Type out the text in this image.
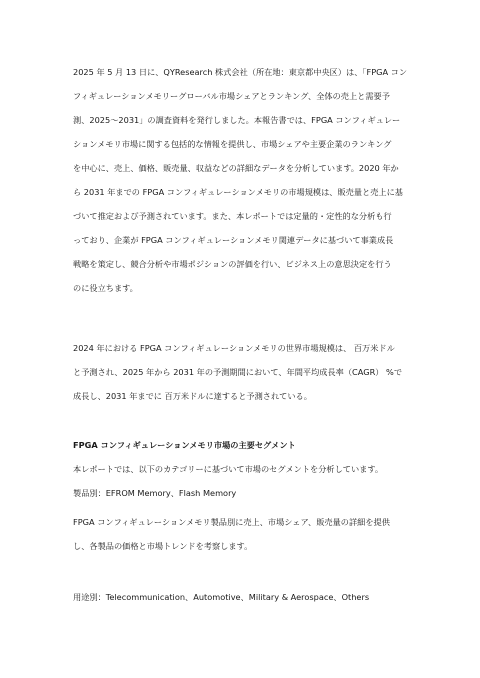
2025 年 5 月 13 日に、QYResearch 株式会社（所在地：東京都中央区）は、「FPGA コン
フィギュレーションメモリーグローバル市場シェアとランキング、全体の売上と需要予
測、2025～2031」の調査資料を発行しました。本報告書では、FPGA コンフィギュレー
ションメモリ市場に関する包括的な情報を提供し、市場シェアや主要企業のランキング
を中心に、売上、価格、販売量、収益などの詳細なデータを分析しています。2020 年か
ら 2031 年までの FPGA コンフィギュレーションメモリの市場規模は、販売量と売上に基
づいて推定および予測されています。また、本レポートでは定量的・定性的な分析も行
っており、企業が FPGA コンフィギュレーションメモリ関連データに基づいて事業成長
戦略を策定し、競合分析や市場ポジションの評価を行い、ビジネス上の意思決定を行う
のに役立ちます。
2024 年における FPGA コンフィギュレーションメモリの世界市場規模は、 百万米ドル
と予測され、2025 年から 2031 年の予測期間において、年間平均成長率（CAGR） %で
成長し、2031 年までに 百万米ドルに達すると予測されている。
FPGA コンフィギュレーションメモリ市場の主要セグメント
本レポートでは、以下のカテゴリーに基づいて市場のセグメントを分析しています。
製品別：EFROM Memory、Flash Memory
FPGA コンフィギュレーションメモリ製品別に売上、市場シェア、販売量の詳細を提供
し、各製品の価格と市場トレンドを考察します。
用途別：Telecommunication、Automotive、Military & Aerospace、Others
